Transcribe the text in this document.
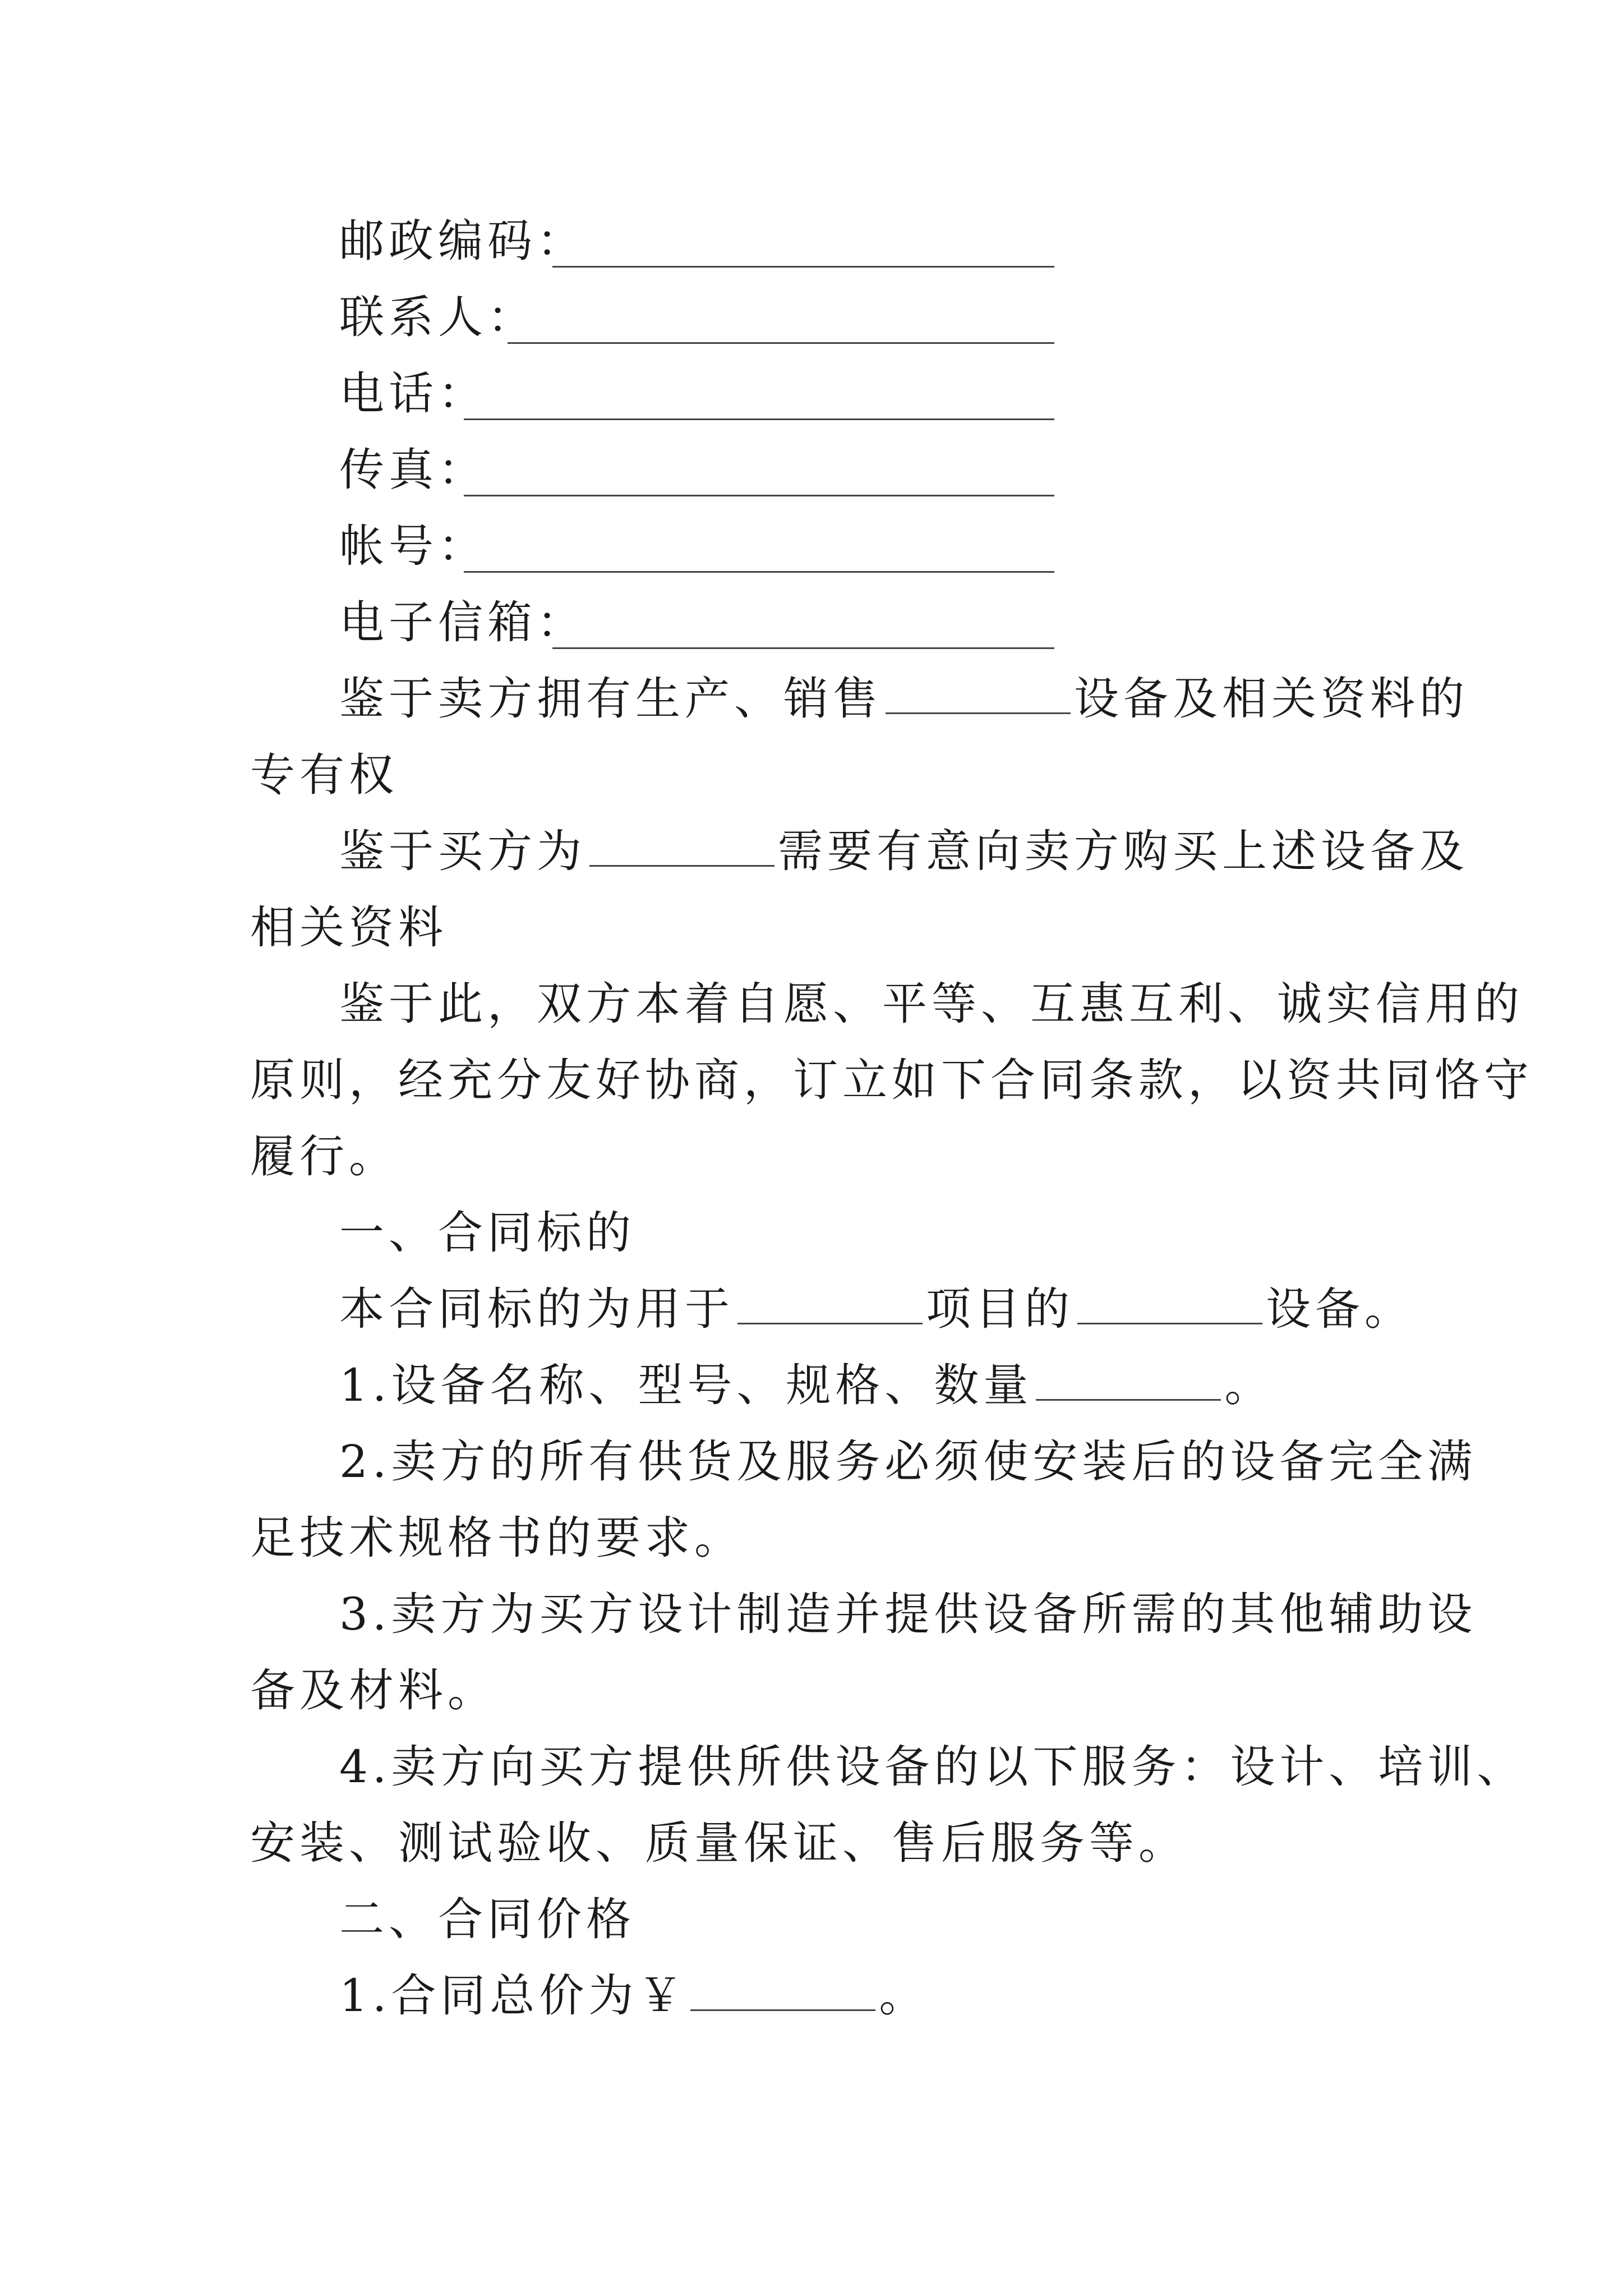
邮政编码：
联系人：
电话：
传真：
帐号：
电子信箱：
鉴于卖方拥有生产、销售	设备及相关资料的
专有权
鉴于买方为	需要有意向卖方购买上述设备及
相关资料
鉴于此，双方本着自愿、平等、互惠互利、诚实信用的
原则，经充分友好协商，订立如下合同条款，以资共同恪守
履行。
一、合同标的
本合同标的为用于	项目的	设备。
1.设备名称、型号、规格、数量	。
2.卖方的所有供货及服务必须使安装后的设备完全满
足技术规格书的要求。
3.卖方为买方设计制造并提供设备所需的其他辅助设
备及材料。
4.卖方向买方提供所供设备的以下服务：设计、培训、
安装、测试验收、质量保证、售后服务等。
二、合同价格
1.合同总价为￥	。
